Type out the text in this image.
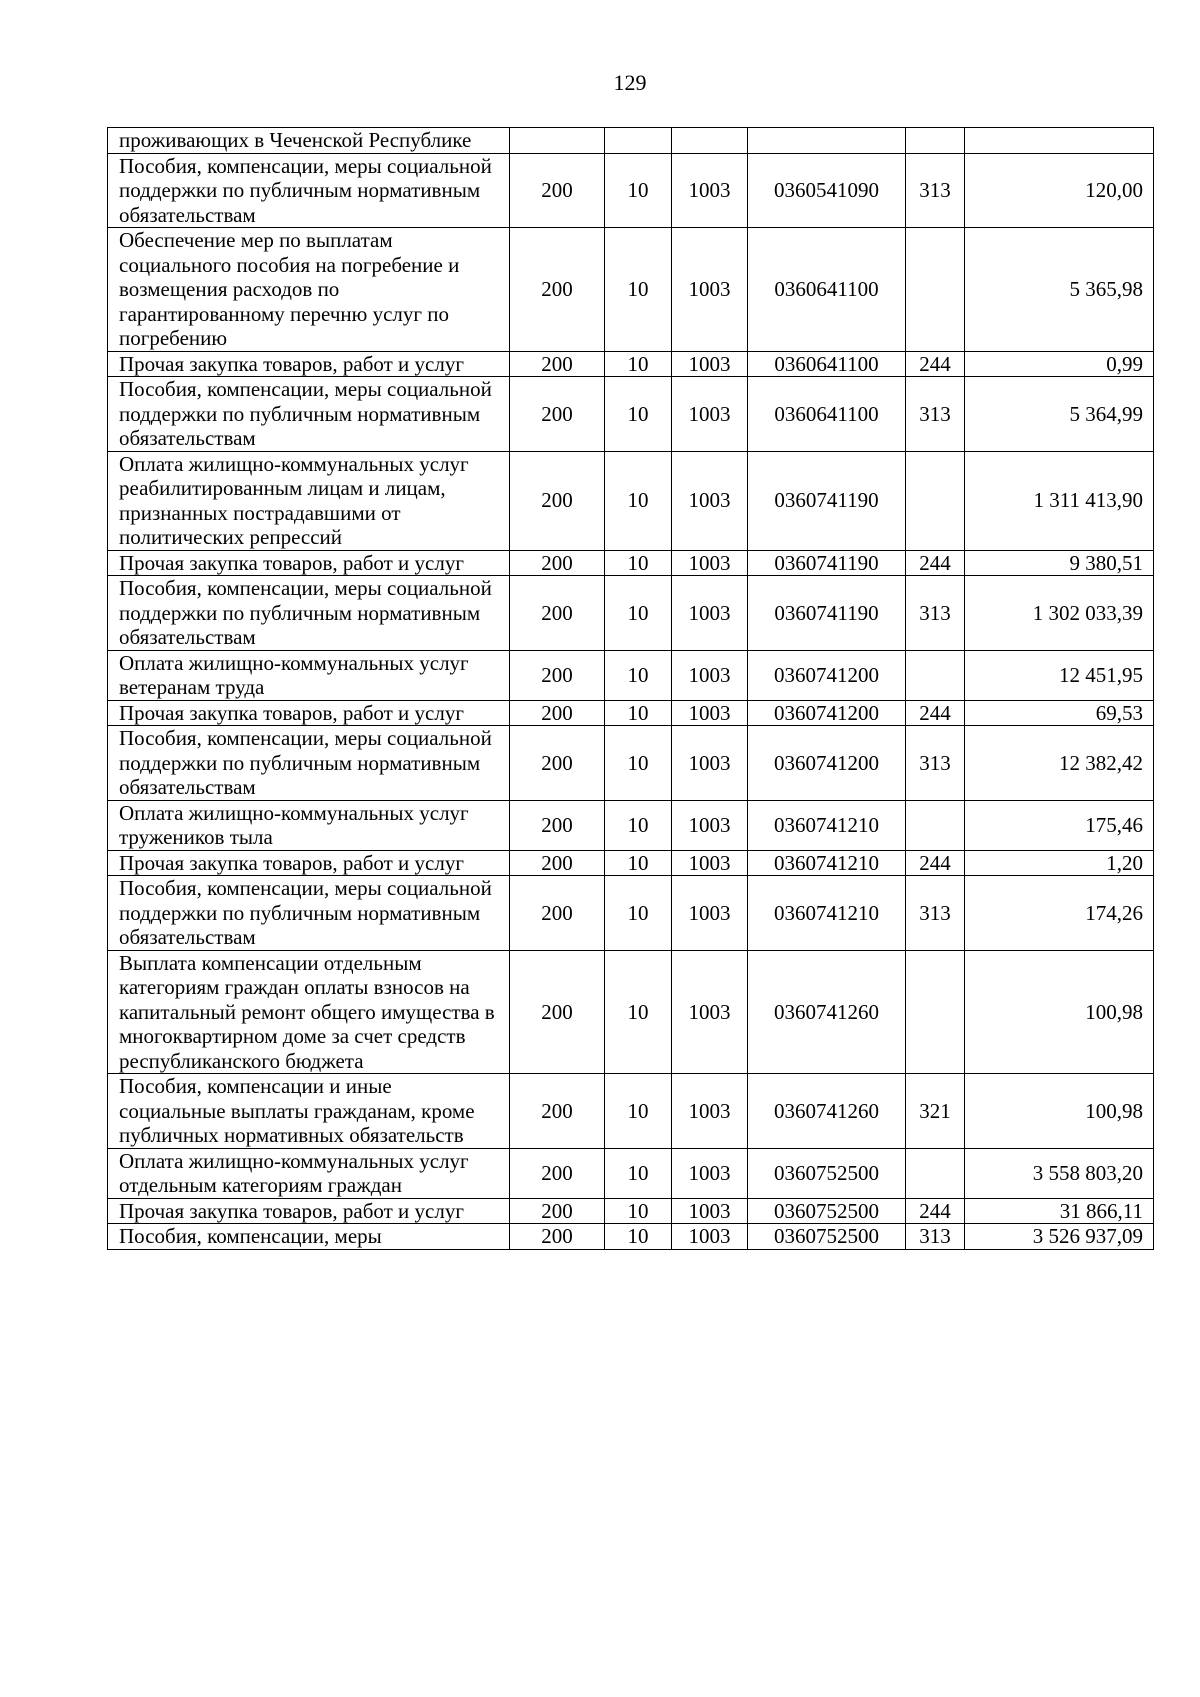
129
проживающих в Чеченской Республике						
Пособия, компенсации, меры социальной поддержки по публичным нормативным обязательствам	200	10	1003	0360541090	313	120,00
Обеспечение мер по выплатам социального пособия на погребение и возмещения расходов по гарантированному перечню услуг по погребению	200	10	1003	0360641100		5 365,98
Прочая закупка товаров, работ и услуг	200	10	1003	0360641100	244	0,99
Пособия, компенсации, меры социальной поддержки по публичным нормативным обязательствам	200	10	1003	0360641100	313	5 364,99
Оплата жилищно-коммунальных услуг реабилитированным лицам и лицам, признанных пострадавшими от политических репрессий	200	10	1003	0360741190		1 311 413,90
Прочая закупка товаров, работ и услуг	200	10	1003	0360741190	244	9 380,51
Пособия, компенсации, меры социальной поддержки по публичным нормативным обязательствам	200	10	1003	0360741190	313	1 302 033,39
Оплата жилищно-коммунальных услуг ветеранам труда	200	10	1003	0360741200		12 451,95
Прочая закупка товаров, работ и услуг	200	10	1003	0360741200	244	69,53
Пособия, компенсации, меры социальной поддержки по публичным нормативным обязательствам	200	10	1003	0360741200	313	12 382,42
Оплата жилищно-коммунальных услуг тружеников тыла	200	10	1003	0360741210		175,46
Прочая закупка товаров, работ и услуг	200	10	1003	0360741210	244	1,20
Пособия, компенсации, меры социальной поддержки по публичным нормативным обязательствам	200	10	1003	0360741210	313	174,26
Выплата компенсации отдельным категориям граждан оплаты взносов на капитальный ремонт общего имущества в многоквартирном доме за счет средств республиканского бюджета	200	10	1003	0360741260		100,98
Пособия, компенсации и иные социальные выплаты гражданам, кроме публичных нормативных обязательств	200	10	1003	0360741260	321	100,98
Оплата жилищно-коммунальных услуг отдельным категориям граждан	200	10	1003	0360752500		3 558 803,20
Прочая закупка товаров, работ и услуг	200	10	1003	0360752500	244	31 866,11
Пособия, компенсации, меры	200	10	1003	0360752500	313	3 526 937,09
